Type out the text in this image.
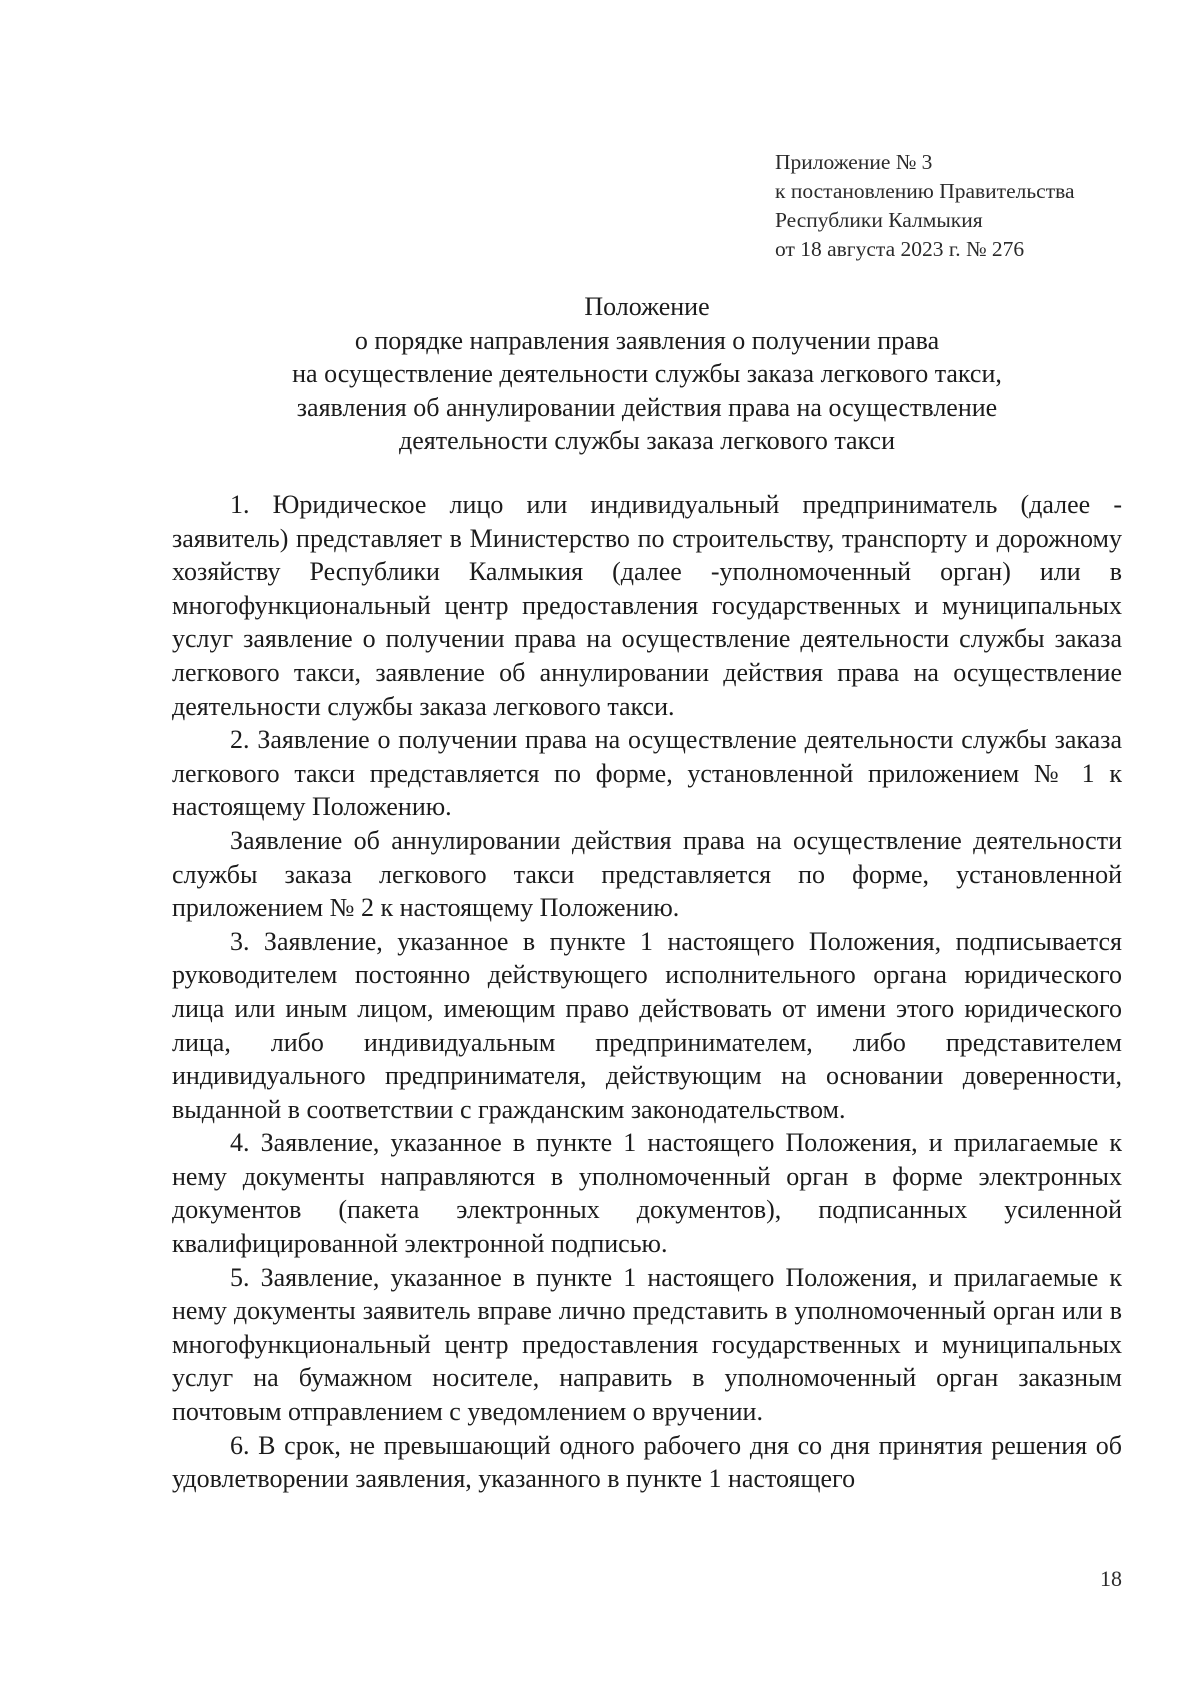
Приложение № 3
к постановлению Правительства
Республики Калмыкия
от 18 августа 2023 г. № 276
Положение
о порядке направления заявления о получении права
на осуществление деятельности службы заказа легкового такси,
заявления об аннулировании действия права на осуществление
деятельности службы заказа легкового такси

1. Юридическое лицо или индивидуальный предприниматель (далее - заявитель) представляет в Министерство по строительству, транспорту и дорожному хозяйству Республики Калмыкия (далее -уполномоченный орган) или в многофункциональный центр предоставления государственных и муниципальных услуг заявление о получении права на осуществление деятельности службы заказа легкового такси, заявление об аннулировании действия права на осуществление деятельности службы заказа легкового такси.

2. Заявление о получении права на осуществление деятельности службы заказа легкового такси представляется по форме, установленной приложением № 1 к настоящему Положению.

Заявление об аннулировании действия права на осуществление деятельности службы заказа легкового такси представляется по форме, установленной приложением № 2 к настоящему Положению.

3. Заявление, указанное в пункте 1 настоящего Положения, подписывается руководителем постоянно действующего исполнительного органа юридического лица или иным лицом, имеющим право действовать от имени этого юридического лица, либо индивидуальным предпринимателем, либо представителем индивидуального предпринимателя, действующим на основании доверенности, выданной в соответствии с гражданским законодательством.

4. Заявление, указанное в пункте 1 настоящего Положения, и прилагаемые к нему документы направляются в уполномоченный орган в форме электронных документов (пакета электронных документов), подписанных усиленной квалифицированной электронной подписью.

5. Заявление, указанное в пункте 1 настоящего Положения, и прилагаемые к нему документы заявитель вправе лично представить в уполномоченный орган или в многофункциональный центр предоставления государственных и муниципальных услуг на бумажном носителе, направить в уполномоченный орган заказным почтовым отправлением с уведомлением о вручении.

6. В срок, не превышающий одного рабочего дня со дня принятия решения об удовлетворении заявления, указанного в пункте 1 настоящего

18
